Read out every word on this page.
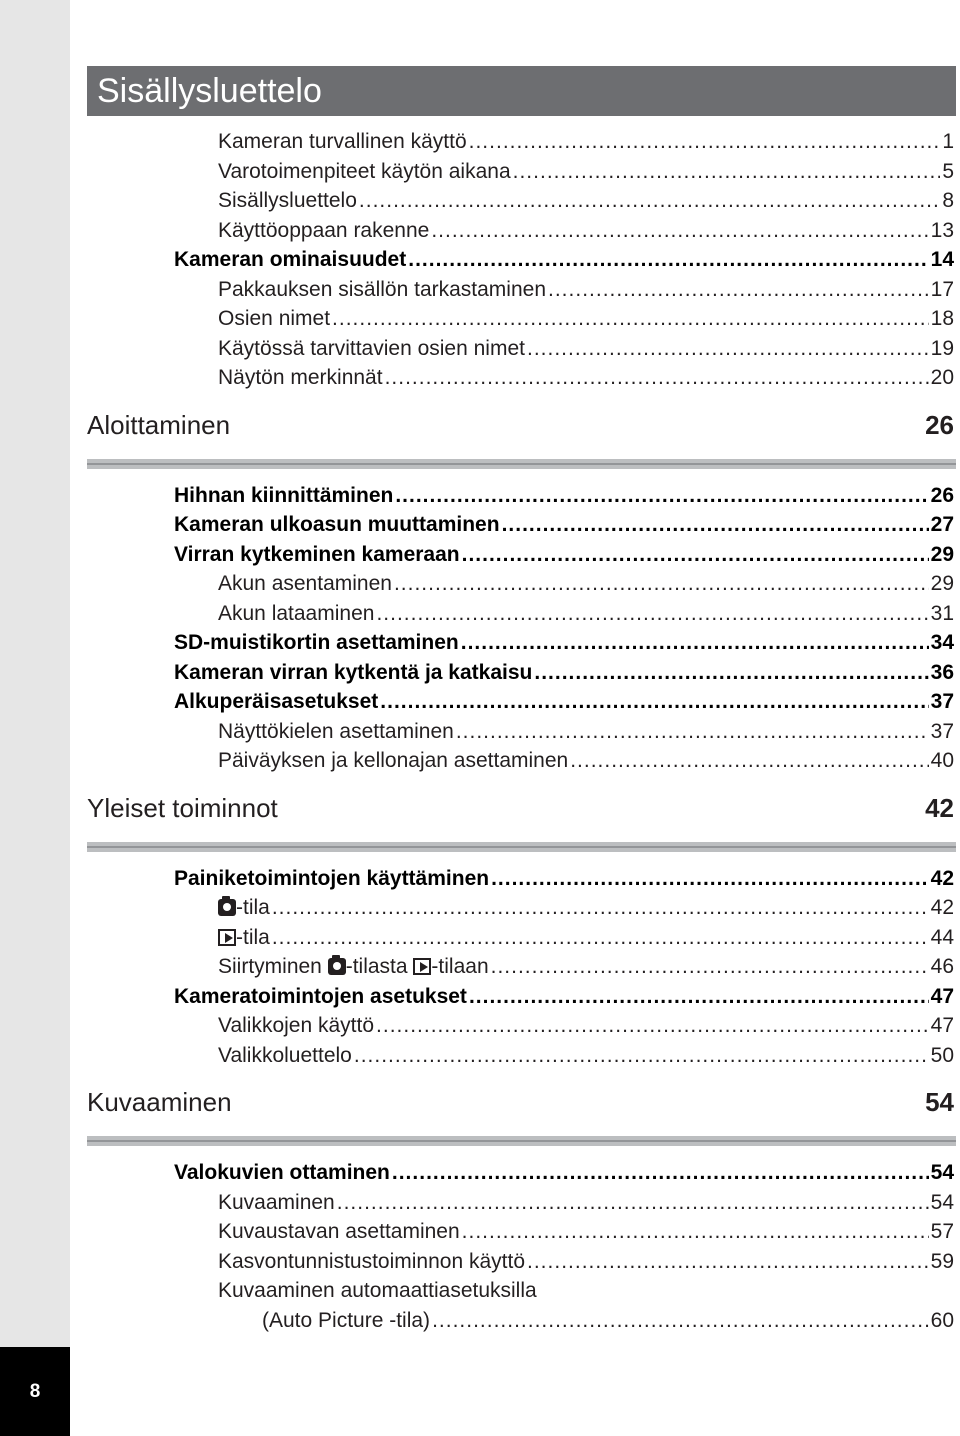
8
Sisällysluettelo
Kameran turvallinen käyttö .....	1
Varotoimenpiteet käytön aikana .....	5
Sisällysluettelo .....	8
Käyttöoppaan rakenne .....	13
Kameran ominaisuudet .....	14
Pakkauksen sisällön tarkastaminen .....	17
Osien nimet .....	18
Käytössä tarvittavien osien nimet .....	19
Näytön merkinnät .....	20
Aloittaminen	26
Hihnan kiinnittäminen .....	26
Kameran ulkoasun muuttaminen .....	27
Virran kytkeminen kameraan .....	29
Akun asentaminen .....	29
Akun lataaminen .....	31
SD-muistikortin asettaminen .....	34
Kameran virran kytkentä ja katkaisu .....	36
Alkuperäisasetukset .....	37
Näyttökielen asettaminen .....	37
Päiväyksen ja kellonajan asettaminen .....	40
Yleiset toiminnot	42
Painiketoimintojen käyttäminen .....	42
-tila .....	42
-tila .....	44
Siirtyminen -tilasta -tilaan .....	46
Kameratoimintojen asetukset .....	47
Valikkojen käyttö .....	47
Valikkoluettelo .....	50
Kuvaaminen	54
Valokuvien ottaminen .....	54
Kuvaaminen .....	54
Kuvaustavan asettaminen .....	57
Kasvontunnistustoiminnon käyttö .....	59
Kuvaaminen automaattiasetuksilla
(Auto Picture -tila) .....	60
